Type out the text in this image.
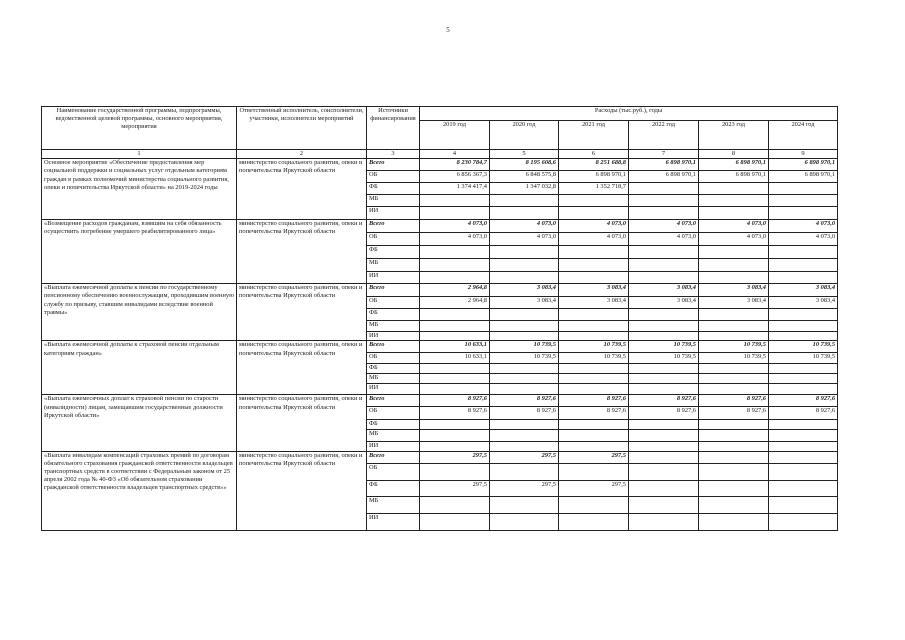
5
Наименование государственной программы, подпрограммы, ведомственной целевой программы, основного мероприятия, мероприятия	Ответственный исполнитель, соисполнители, участники, исполнители мероприятий	Источники финансирования	Расходы (тыс.руб.), годы					
			2019 год	2020 год	2021 год	2022 год	2023 год	2024 год
1	2	3	4	5	6	7	8	9
Основное мероприятие «Обеспечение предоставления мер социальной поддержки и социальных услуг отдельным категориям граждан в рамках полномочий министерства социального развития, опеки и попечительства Иркутской области» на 2019-2024 годы	министерство социального развития, опеки и попечительства Иркутской области	Всего	8 230 784,7	8 195 608,6	8 251 688,8	6 898 970,1	6 898 970,1	6 898 970,1
		ОБ	6 856 367,3	6 848 575,8	6 898 970,1	6 898 970,1	6 898 970,1	6 898 970,1
		ФБ	1 374 417,4	1 347 032,8	1 352 718,7			
		МБ						
		ИИ						
«Возмещение расходов гражданам, взявшим на себя обязанность осуществить погребение умершего реабилитированного лица»	министерство социального развития, опеки и попечительства Иркутской области	Всего	4 073,0	4 073,0	4 073,0	4 073,0	4 073,0	4 073,0
		ОБ	4 073,0	4 073,0	4 073,0	4 073,0	4 073,0	4 073,0
		ФБ						
		МБ						
		ИИ						
«Выплата ежемесячной доплаты к пенсии по государственному пенсионному обеспечению военнослужащим, проходившим военную службу по призыву, ставшим инвалидами вследствие военной травмы»	министерство социального развития, опеки и попечительства Иркутской области	Всего	2 964,8	3 083,4	3 083,4	3 083,4	3 083,4	3 083,4
		ОБ	2 964,8	3 083,4	3 083,4	3 083,4	3 083,4	3 083,4
		ФБ						
		МБ						
		ИИ						
«Выплата ежемесячной доплаты к страховой пенсии отдельным категориям граждан»	министерство социального развития, опеки и попечительства Иркутской области	Всего	10 633,1	10 739,5	10 739,5	10 739,5	10 739,5	10 739,5
		ОБ	10 633,1	10 739,5	10 739,5	10 739,5	10 739,5	10 739,5
		ФБ						
		МБ						
		ИИ						
«Выплата ежемесячных доплат к страховой пенсии по старости (инвалидности) лицам, замещавшим государственные должности Иркутской области»	министерство социального развития, опеки и попечительства Иркутской области	Всего	8 927,6	8 927,6	8 927,6	8 927,6	8 927,6	8 927,6
		ОБ	8 927,6	8 927,6	8 927,6	8 927,6	8 927,6	8 927,6
		ФБ						
		МБ						
		ИИ						
«Выплата инвалидам компенсаций страховых премий по договорам обязательного страхования гражданской ответственности владельцев транспортных средств в соответствии с Федеральным законом от 25 апреля 2002 года № 40-ФЗ «Об обязательном страховании гражданской ответственности владельцев транспортных средств»»	министерство социального развития, опеки и попечительства Иркутской области	Всего	297,5	297,5	297,5			
		ОБ						
		ФБ	297,5	297,5	297,5			
		МБ						
		ИИ						
